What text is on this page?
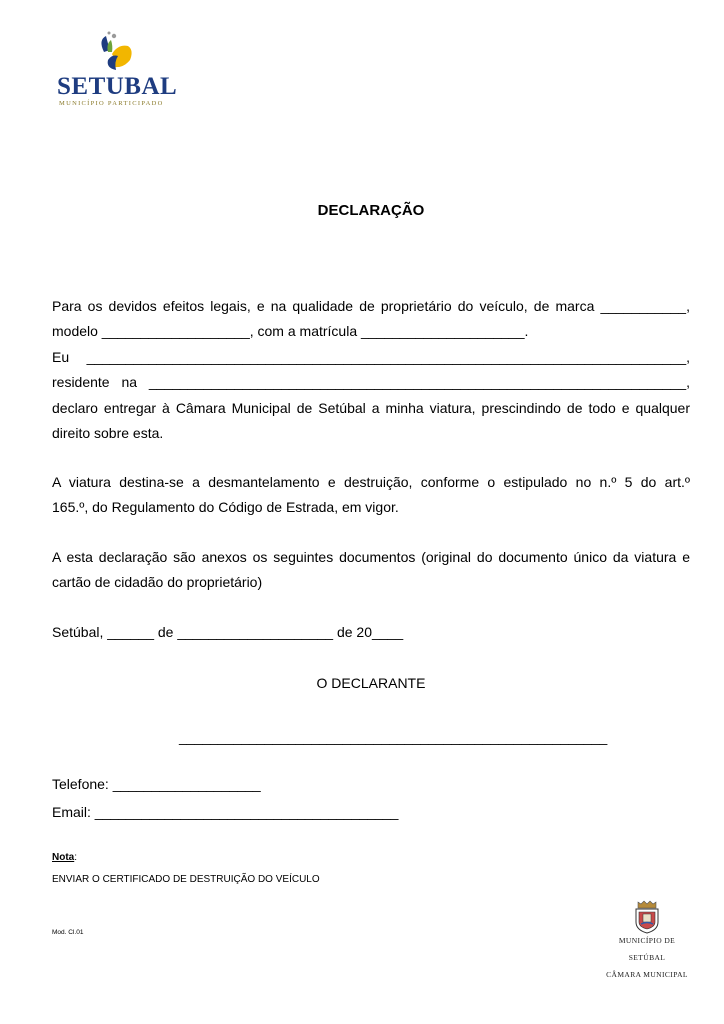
SETUBAL
MUNICÍPIO PARTICIPADO
DECLARAÇÃO
Para os devidos efeitos legais, e na qualidade de proprietário do veículo, de marca ___________,
modelo ___________________, com a matrícula _____________________.
Eu _____________________________________________________________________________,
residente na _____________________________________________________________________,
declaro entregar à Câmara Municipal de Setúbal a minha viatura, prescindindo de todo e qualquer
direito sobre esta.
A viatura destina-se a desmantelamento e destruição, conforme o estipulado no n.º 5 do art.º
165.º, do Regulamento do Código de Estrada, em vigor.
A esta declaração são anexos os seguintes documentos (original do documento único da viatura e
cartão de cidadão do proprietário)
Setúbal, ______ de ____________________ de 20____
O DECLARANTE
_______________________________________________________
Telefone: ___________________
Email: _______________________________________
Nota:
ENVIAR O CERTIFICADO DE DESTRUIÇÃO DO VEÍCULO
Mod. Cl.01
MUNICÍPIO DE
SETÚBAL
CÂMARA MUNICIPAL
